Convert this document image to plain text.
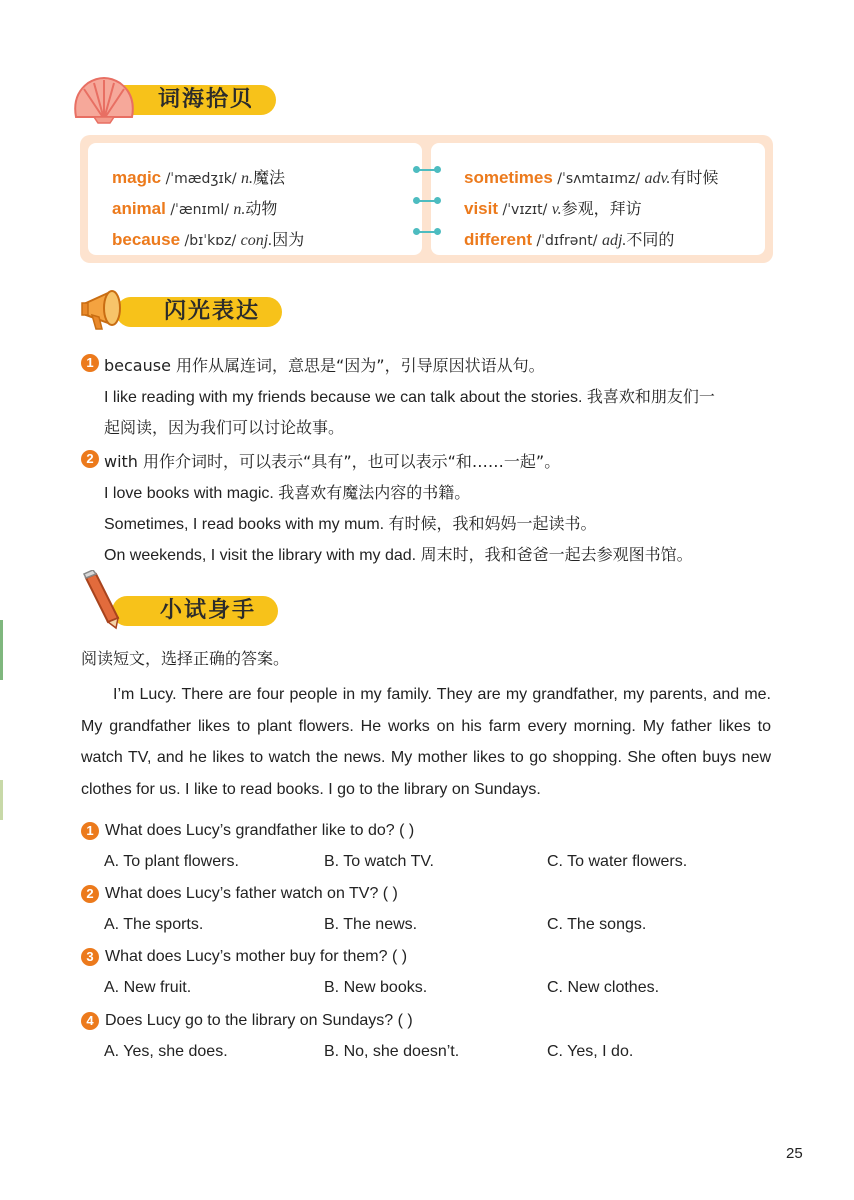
词海拾贝
magic /ˈmædʒɪk/ n.魔法
animal /ˈænɪml/ n.动物
because /bɪˈkɒz/ conj.因为
sometimes /ˈsʌmtaɪmz/ adv.有时候
visit /ˈvɪzɪt/ v.参观，拜访
different /ˈdɪfrənt/ adj.不同的
闪光表达
1 because 用作从属连词，意思是“因为”，引导原因状语从句。
I like reading with my friends because we can talk about the stories. 我喜欢和朋友们一
起阅读，因为我们可以讨论故事。
2 with 用作介词时，可以表示“具有”，也可以表示“和……一起”。
I love books with magic. 我喜欢有魔法内容的书籍。
Sometimes, I read books with my mum. 有时候，我和妈妈一起读书。
On weekends, I visit the library with my dad. 周末时，我和爸爸一起去参观图书馆。
小试身手
阅读短文，选择正确的答案。

I’m Lucy. There are four people in my family. They are my grandfather, my parents, and me. My grandfather likes to plant flowers. He works on his farm every morning. My father likes to watch TV, and he likes to watch the news. My mother likes to go shopping. She often buys new clothes for us. I like to read books. I go to the library on Sundays.

1 What does Lucy’s grandfather like to do? ( )
A. To plant flowers.	B. To watch TV.	C. To water flowers.
2 What does Lucy’s father watch on TV? ( )
A. The sports.	B. The news.	C. The songs.
3 What does Lucy’s mother buy for them? ( )
A. New fruit.	B. New books.	C. New clothes.
4 Does Lucy go to the library on Sundays? ( )
A. Yes, she does.	B. No, she doesn’t.	C. Yes, I do.
25
